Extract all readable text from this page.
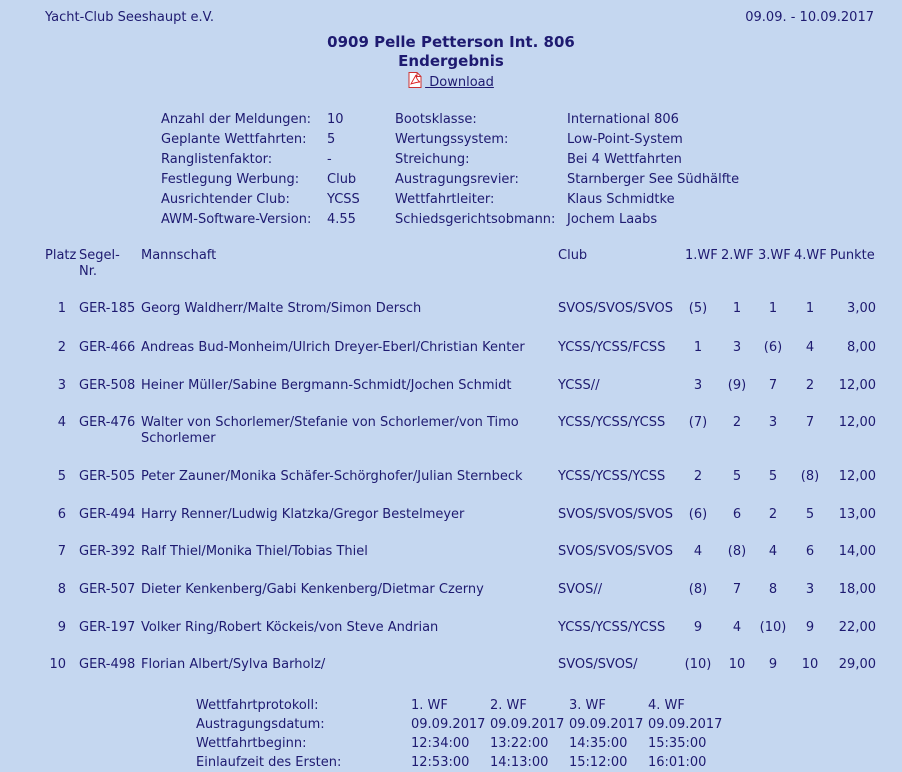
Yacht-Club Seeshaupt e.V.	09.09. - 10.09.2017
0909 Pelle Petterson Int. 806
Endergebnis
Download
Anzahl der Meldungen: 10	Bootsklasse:	International 806
Geplante Wettfahrten: 5	Wertungssystem:	Low-Point-System
Ranglistenfaktor:	-	Streichung:	Bei 4 Wettfahrten
Festlegung Werbung: Club	Austragungsrevier:	Starnberger See Südhälfte
Ausrichtender Club:	YCSS	Wettfahrtleiter:	Klaus Schmidtke
AWM-Software-Version: 4.55	Schiedsgerichtsobmann: Jochem Laabs
Platz Segel-
Nr.
Mannschaft	Club	1.WF 2.WF 3.WF 4.WF Punkte
1 GER-185 Georg Waldherr/Malte Strom/Simon Dersch	SVOS/SVOS/SVOS	(5)	1	1	1	3,00
2 GER-466 Andreas Bud-Monheim/Ulrich Dreyer-Eberl/Christian Kenter	YCSS/YCSS/FCSS	1	3	(6)	4	8,00
3 GER-508 Heiner Müller/Sabine Bergmann-Schmidt/Jochen Schmidt	YCSS//	3	(9)	7	2	12,00
4 GER-476 Walter von Schorlemer/Stefanie von Schorlemer/von Timo Schorlemer
YCSS/YCSS/YCSS	(7)	2	3	7	12,00
5 GER-505 Peter Zauner/Monika Schäfer-Schörghofer/Julian Sternbeck	YCSS/YCSS/YCSS	2	5	5	(8)	12,00
6 GER-494 Harry Renner/Ludwig Klatzka/Gregor Bestelmeyer	SVOS/SVOS/SVOS	(6)	6	2	5	13,00
7 GER-392 Ralf Thiel/Monika Thiel/Tobias Thiel	SVOS/SVOS/SVOS	4	(8)	4	6	14,00
8 GER-507 Dieter Kenkenberg/Gabi Kenkenberg/Dietmar Czerny	SVOS//	(8)	7	8	3	18,00
9 GER-197 Volker Ring/Robert Köckeis/von Steve Andrian	YCSS/YCSS/YCSS	9	4	(10)	9	22,00
10 GER-498 Florian Albert/Sylva Barholz/	SVOS/SVOS/	(10)	10	9	10	29,00
Wettfahrtprotokoll:	1. WF	2. WF	3. WF	4. WF
Austragungsdatum:	09.09.2017 09.09.2017 09.09.2017 09.09.2017
Wettfahrtbeginn:	12:34:00 13:22:00 14:35:00 15:35:00
Einlaufzeit des Ersten:	12:53:00 14:13:00 15:12:00 16:01:00
